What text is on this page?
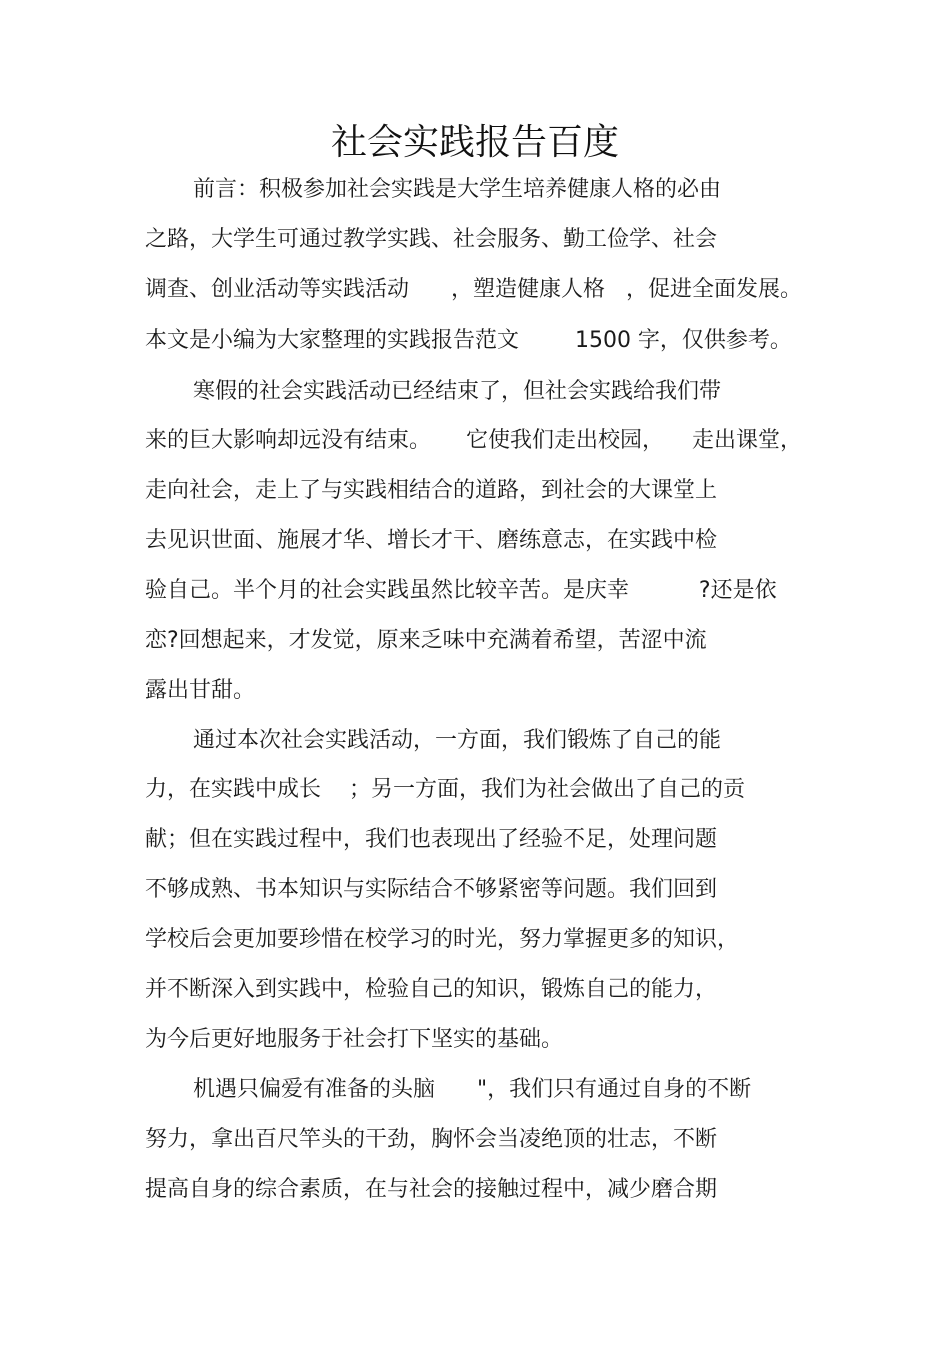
社会实践报告百度
前言：积极参加社会实践是大学生培养健康人格的必由
之路，大学生可通过教学实践、社会服务、勤工俭学、社会
调查、创业活动等实践活动      ，塑造健康人格   ，促进全面发展。
本文是小编为大家整理的实践报告范文        1500 字，仅供参考。
寒假的社会实践活动已经结束了，但社会实践给我们带
来的巨大影响却远没有结束。     它使我们走出校园，    走出课堂，
走向社会，走上了与实践相结合的道路，到社会的大课堂上
去见识世面、施展才华、增长才干、磨练意志，在实践中检
验自己。半个月的社会实践虽然比较辛苦。是庆幸          ?还是依
恋?回想起来，才发觉，原来乏味中充满着希望，苦涩中流
露出甘甜。
通过本次社会实践活动，一方面，我们锻炼了自己的能
力，在实践中成长    ；另一方面，我们为社会做出了自己的贡
献；但在实践过程中，我们也表现出了经验不足，处理问题
不够成熟、书本知识与实际结合不够紧密等问题。我们回到
学校后会更加要珍惜在校学习的时光，努力掌握更多的知识，
并不断深入到实践中，检验自己的知识，锻炼自己的能力，
为今后更好地服务于社会打下坚实的基础。
机遇只偏爱有准备的头脑      "，我们只有通过自身的不断
努力，拿出百尺竿头的干劲，胸怀会当凌绝顶的壮志，不断
提高自身的综合素质，在与社会的接触过程中，减少磨合期
